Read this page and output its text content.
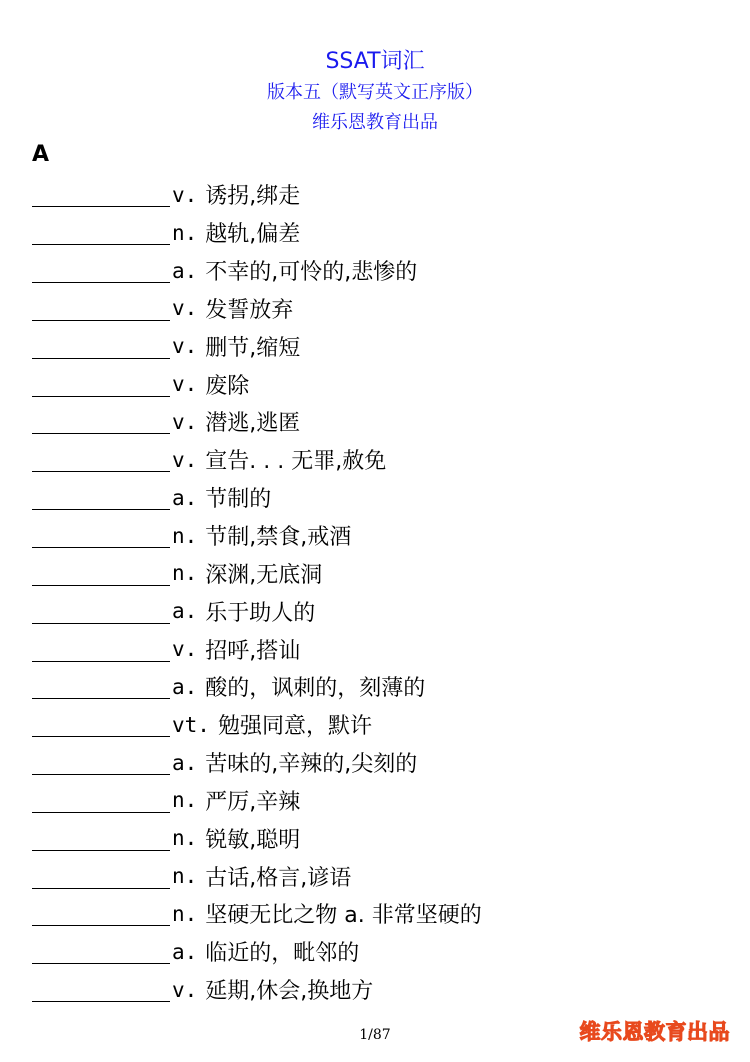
SSAT词汇
版本五（默写英文正序版）
维乐恩教育出品
A
v. 诱拐,绑走
n. 越轨,偏差
a. 不幸的,可怜的,悲惨的
v. 发誓放弃
v. 删节,缩短
v. 废除
v. 潜逃,逃匿
v. 宣告. . . 无罪,赦免
a. 节制的
n. 节制,禁食,戒酒
n. 深渊,无底洞
a. 乐于助人的
v. 招呼,搭讪
a. 酸的，讽刺的，刻薄的
vt. 勉强同意，默许
a. 苦味的,辛辣的,尖刻的
n. 严厉,辛辣
n. 锐敏,聪明
n. 古话,格言,谚语
n. 坚硬无比之物 a. 非常坚硬的
a. 临近的，毗邻的
v. 延期,休会,换地方
1/87	维乐恩教育出品
